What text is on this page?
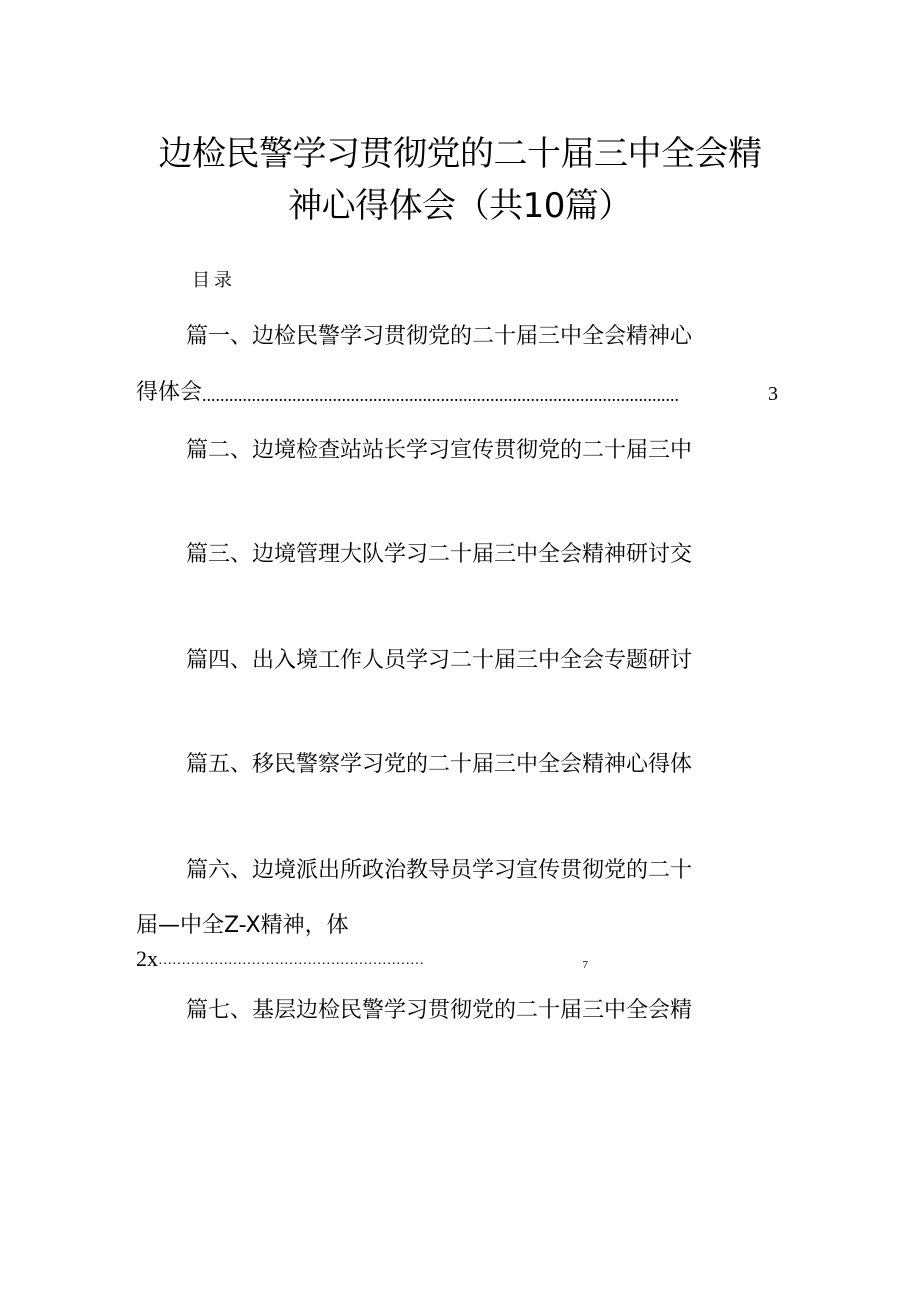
边检民警学习贯彻党的二十届三中全会精
神心得体会（共10篇）
目录
篇一、边检民警学习贯彻党的二十届三中全会精神心
得体会 ..........................................................................................................	3
篇二、边境检查站站长学习宣传贯彻党的二十届三中
篇三、边境管理大队学习二十届三中全会精神研讨交
篇四、出入境工作人员学习二十届三中全会专题研讨
篇五、移民警察学习党的二十届三中全会精神心得体
篇六、边境派出所政治教导员学习宣传贯彻党的二十
届—中全Z-X精神，体
2x …………………………………………………	7
篇七、基层边检民警学习贯彻党的二十届三中全会精
